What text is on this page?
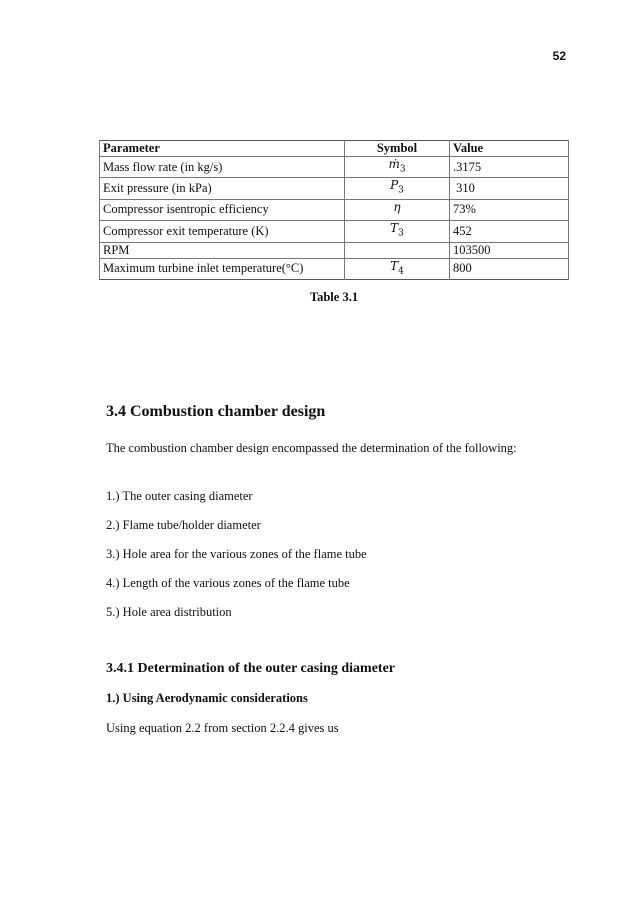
52
Parameter	Symbol	Value
Mass flow rate (in kg/s)	ṁ$_3$	.3175
Exit pressure (in kPa)	$P_3$	310
Compressor isentropic efficiency	η	73%
Compressor exit temperature (K)	$T_3$	452
RPM		103500
Maximum turbine inlet temperature(°C)	$T_4$	800
Table 3.1
3.4 Combustion chamber design

The combustion chamber design encompassed the determination of the following:

1.) The outer casing diameter

2.) Flame tube/holder diameter

3.) Hole area for the various zones of the flame tube

4.) Length of the various zones of the flame tube

5.) Hole area distribution

3.4.1 Determination of the outer casing diameter

1.) Using Aerodynamic considerations

Using equation 2.2 from section 2.2.4 gives us
